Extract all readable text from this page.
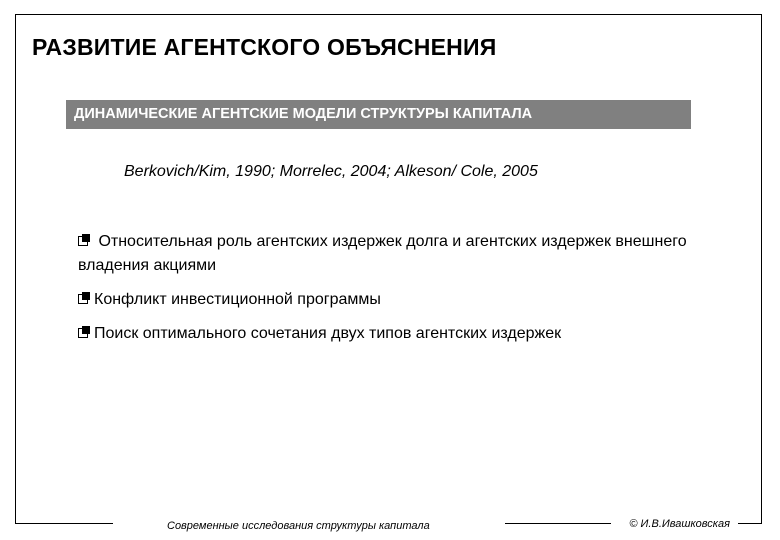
РАЗВИТИЕ АГЕНТСКОГО ОБЪЯСНЕНИЯ
ДИНАМИЧЕСКИЕ АГЕНТСКИЕ МОДЕЛИ СТРУКТУРЫ КАПИТАЛА
Berkovich/Kim, 1990; Morrelec, 2004; Alkeson/ Cole, 2005
Относительная роль агентских издержек долга и агентских издержек внешнего владения акциями
Конфликт инвестиционной программы
Поиск оптимального сочетания двух типов агентских издержек
Современные исследования структуры капитала	© И.В.Ивашковская
